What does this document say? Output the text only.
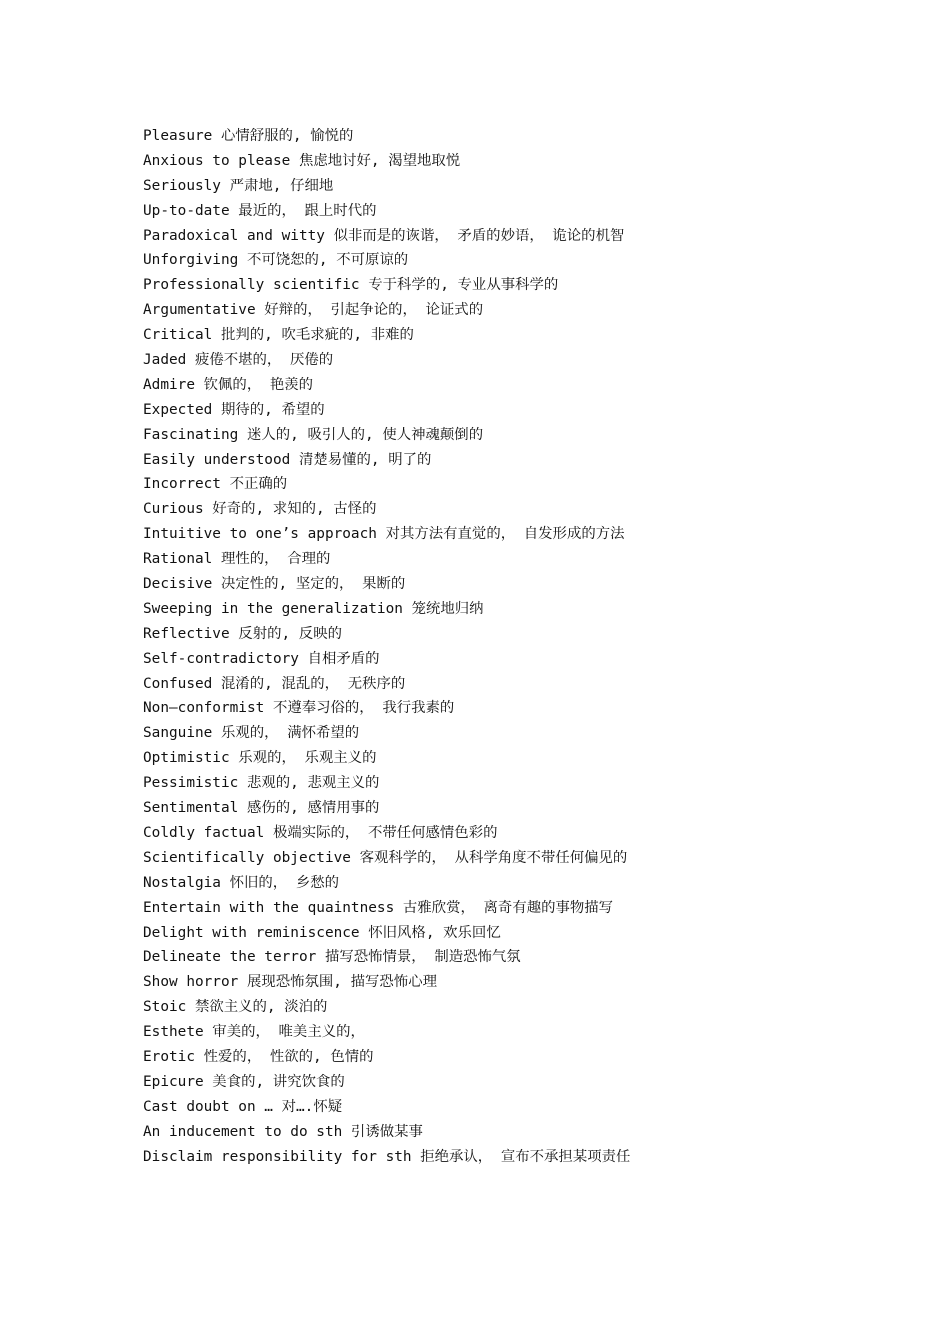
Pleasure 心情舒服的, 愉悦的
Anxious to please 焦虑地讨好, 渴望地取悦
Seriously 严肃地, 仔细地
Up-to-date 最近的， 跟上时代的
Paradoxical and witty 似非而是的诙谐， 矛盾的妙语， 诡论的机智
Unforgiving 不可饶恕的, 不可原谅的
Professionally scientific 专于科学的, 专业从事科学的
Argumentative 好辩的， 引起争论的， 论证式的
Critical 批判的, 吹毛求疵的, 非难的
Jaded 疲倦不堪的， 厌倦的
Admire 钦佩的， 艳羡的
Expected 期待的, 希望的
Fascinating 迷人的, 吸引人的, 使人神魂颠倒的
Easily understood 清楚易懂的, 明了的
Incorrect 不正确的
Curious 好奇的, 求知的, 古怪的
Intuitive to one’s approach 对其方法有直觉的， 自发形成的方法
Rational 理性的， 合理的
Decisive 决定性的, 坚定的， 果断的
Sweeping in the generalization 笼统地归纳
Reflective 反射的, 反映的
Self-contradictory 自相矛盾的
Confused 混淆的, 混乱的， 无秩序的
Non—conformist 不遵奉习俗的， 我行我素的
Sanguine 乐观的， 满怀希望的
Optimistic 乐观的， 乐观主义的
Pessimistic 悲观的, 悲观主义的
Sentimental 感伤的, 感情用事的
Coldly factual 极端实际的， 不带任何感情色彩的
Scientifically objective 客观科学的， 从科学角度不带任何偏见的
Nostalgia 怀旧的， 乡愁的
Entertain with the quaintness 古雅欣赏， 离奇有趣的事物描写
Delight with reminiscence 怀旧风格, 欢乐回忆
Delineate the terror 描写恐怖情景， 制造恐怖气氛
Show horror 展现恐怖氛围, 描写恐怖心理
Stoic 禁欲主义的, 淡泊的
Esthete 审美的， 唯美主义的，
Erotic 性爱的， 性欲的, 色情的
Epicure 美食的, 讲究饮食的
Cast doubt on … 对….怀疑
An inducement to do sth 引诱做某事
Disclaim responsibility for sth 拒绝承认， 宣布不承担某项责任
